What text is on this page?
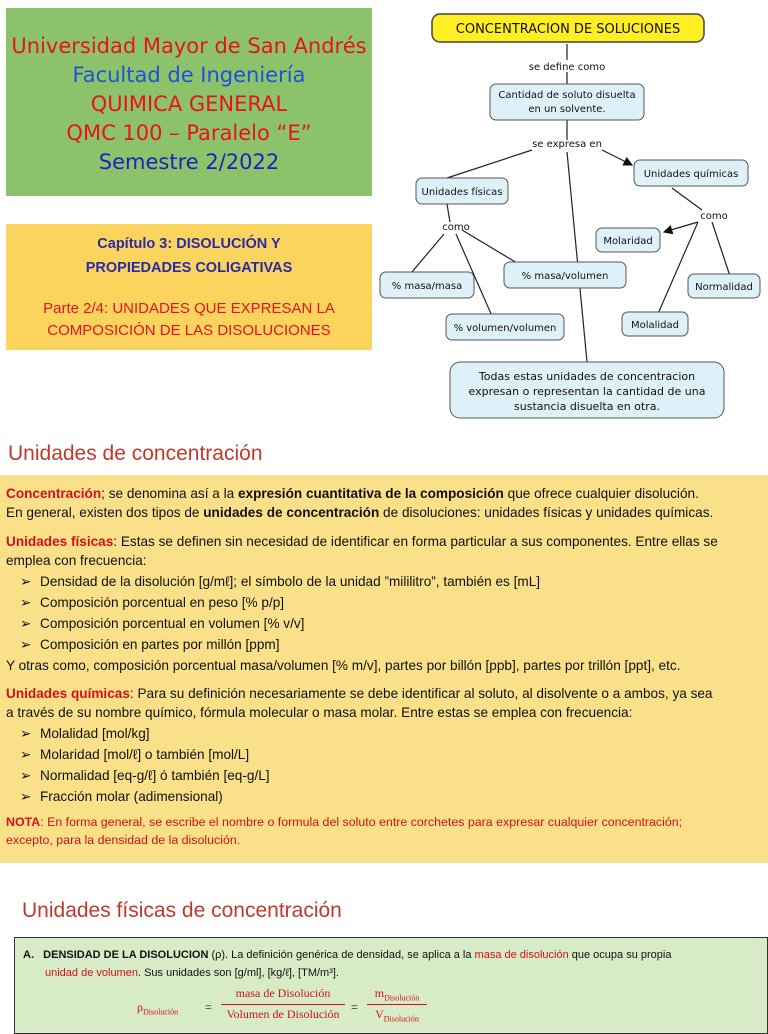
Universidad Mayor de San Andrés
Facultad de Ingeniería
QUIMICA GENERAL
QMC 100 – Paralelo “E”
Semestre 2/2022
Capítulo 3: DISOLUCIÓN Y
PROPIEDADES COLIGATIVAS
Parte 2/4: UNIDADES QUE EXPRESAN LA
COMPOSICIÓN DE LAS DISOLUCIONES
CONCENTRACION DE SOLUCIONES
se define como
Cantidad de soluto disuelta
en un solvente.
se expresa en
Unidades físicas
Unidades químicas
como
como
% masa/masa
% masa/volumen
% volumen/volumen
Molaridad
Normalidad
Molalidad
Todas estas unidades de concentracion
expresan o representan la cantidad de una
sustancia disuelta en otra.
Unidades de concentración
Concentración; se denomina así a la expresión cuantitativa de la composición que ofrece cualquier disolución.
En general, existen dos tipos de unidades de concentración de disoluciones: unidades físicas y unidades químicas.
Unidades físicas: Estas se definen sin necesidad de identificar en forma particular a sus componentes. Entre ellas se
emplea con frecuencia:
➢ Densidad de la disolución [g/mℓ]; el símbolo de la unidad ”mililitro”, también es [mL]
➢ Composición porcentual en peso [% p/p]
➢ Composición porcentual en volumen [% v/v]
➢ Composición en partes por millón [ppm]
Y otras como, composición porcentual masa/volumen [% m/v], partes por billón [ppb], partes por trillón [ppt], etc.
Unidades químicas: Para su definición necesariamente se debe identificar al soluto, al disolvente o a ambos, ya sea
a través de su nombre químico, fórmula molecular o masa molar. Entre estas se emplea con frecuencia:
➢ Molalidad [mol/kg]
➢ Molaridad [mol/ℓ] o también [mol/L]
➢ Normalidad [eq-g/ℓ] ó también [eq-g/L]
➢ Fracción molar (adimensional)
NOTA: En forma general, se escribe el nombre o formula del soluto entre corchetes para expresar cualquier concentración;
excepto, para la densidad de la disolución.
Unidades físicas de concentración
A. DENSIDAD DE LA DISOLUCION (ρ). La definición genérica de densidad, se aplica a la masa de disolución que ocupa su propia
unidad de volumen. Sus unidades son [g/ml], [kg/ℓ], [TM/m³].
$\rho_{Disolución}$ =
masa de Disolución
Volumen de Disolución =
$m_{Disolución}$
$V_{Disolución}$
